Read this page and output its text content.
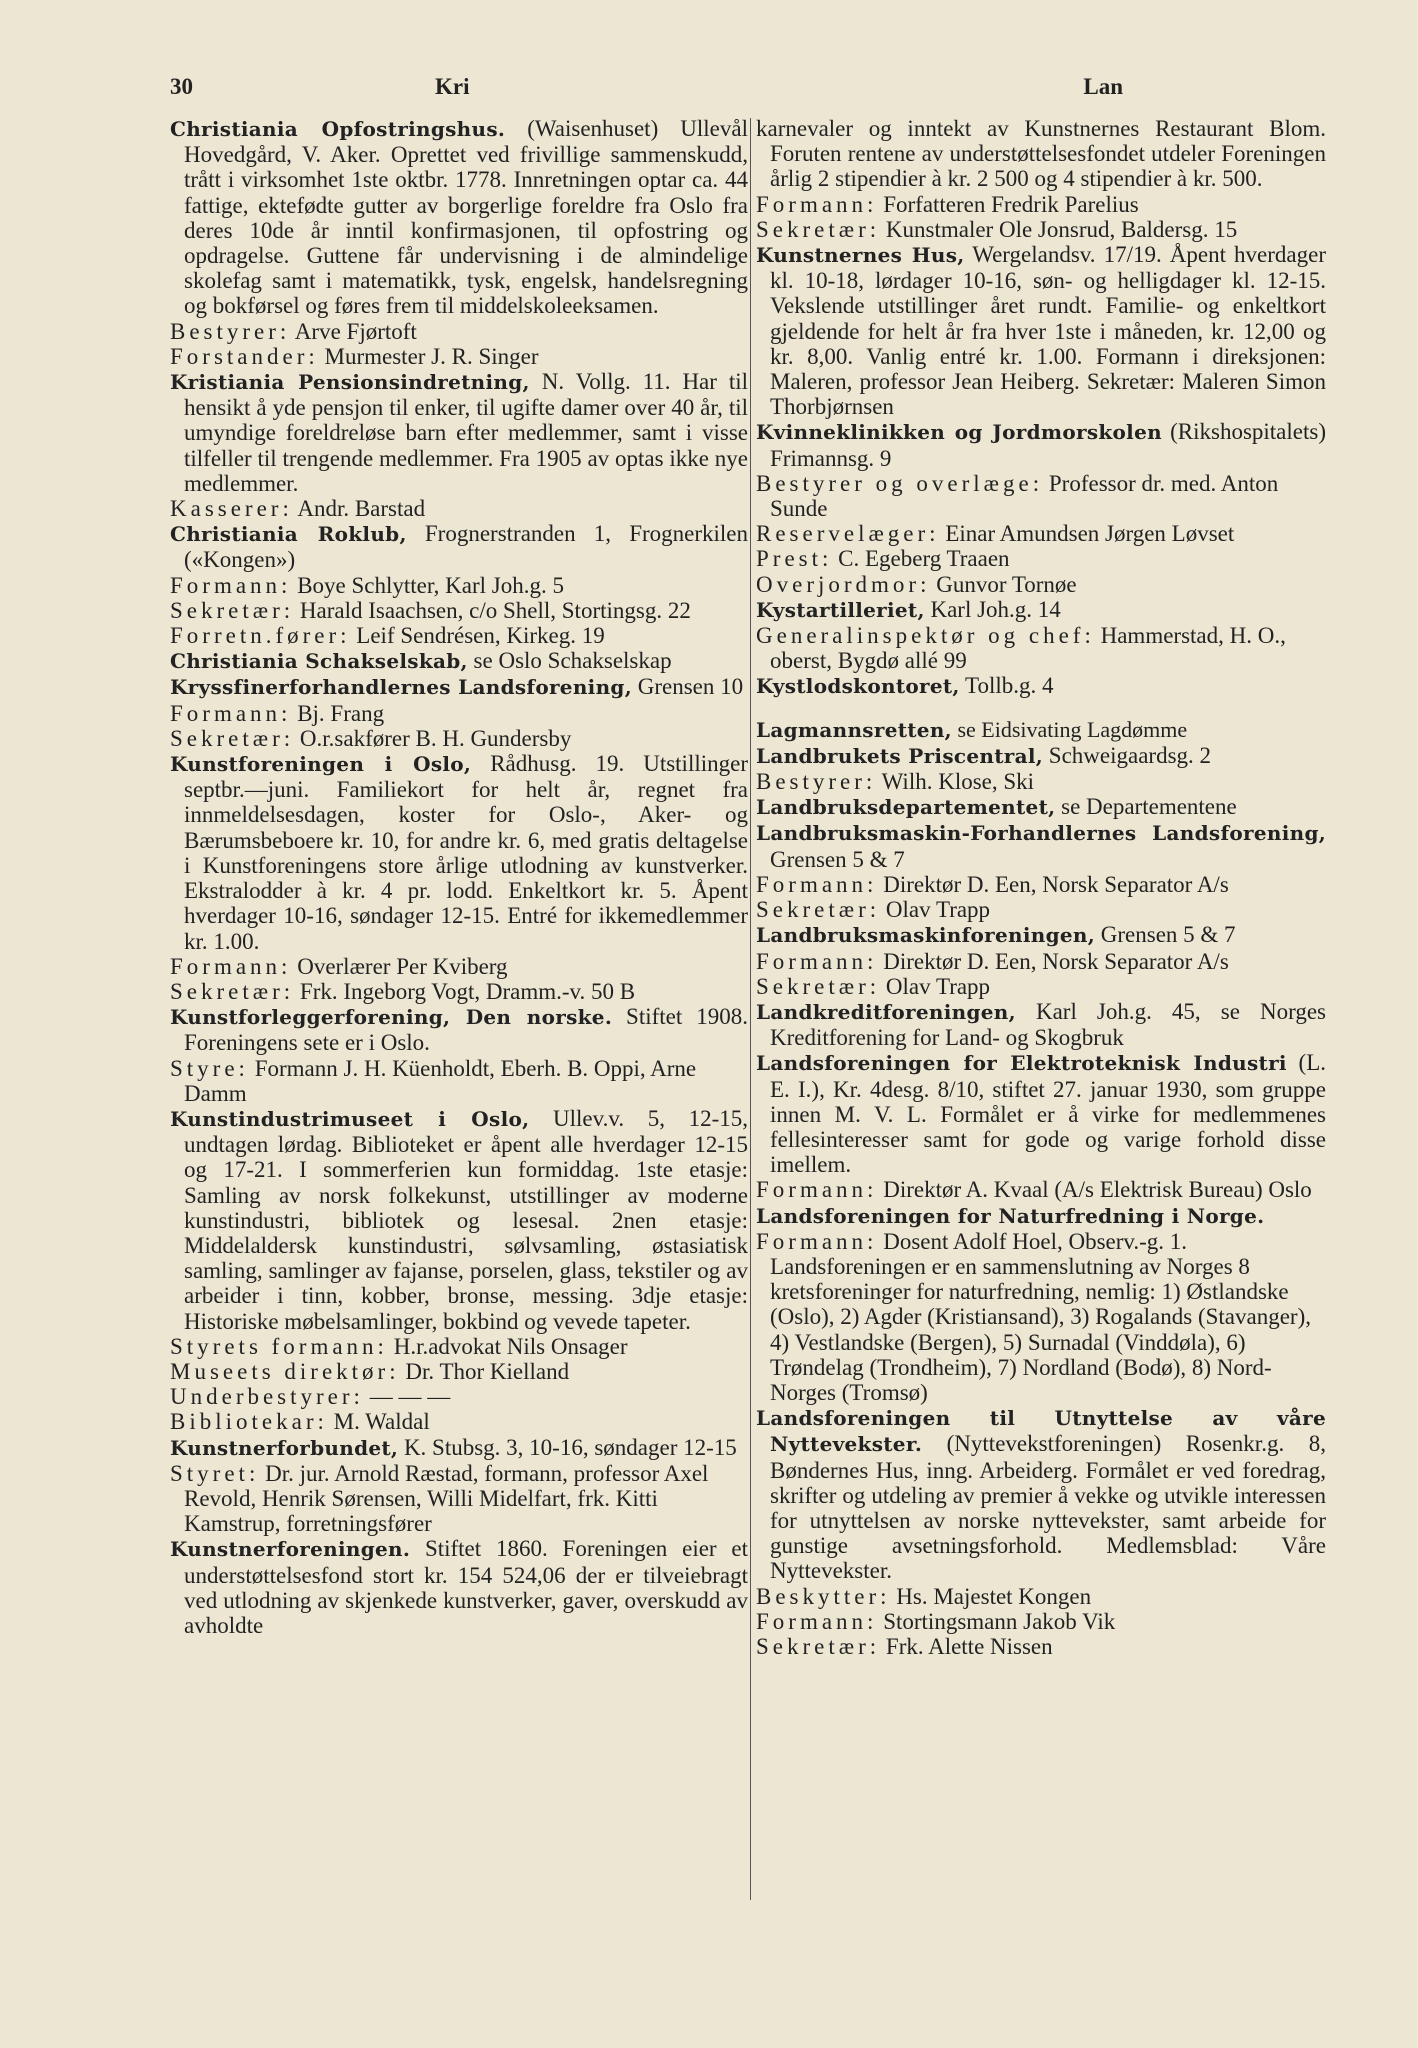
30	Kri	Lan

Christiania Opfostringshus. (Waisenhuset) Ullevål Hovedgård, V. Aker. Oprettet ved frivillige sammenskudd, trått i virksomhet 1ste oktbr. 1778. Innretningen optar ca. 44 fattige, ektefødte gutter av borgerlige foreldre fra Oslo fra deres 10de år inntil konfirmasjonen, til opfostring og opdragelse. Guttene får undervisning i de almindelige skolefag samt i matematikk, tysk, engelsk, handelsregning og bokførsel og føres frem til middelskoleeksamen.

Bestyrer: Arve Fjørtoft

Forstander: Murmester J. R. Singer

Kristiania Pensionsindretning, N. Vollg. 11. Har til hensikt å yde pensjon til enker, til ugifte damer over 40 år, til umyndige foreldreløse barn efter medlemmer, samt i visse tilfeller til trengende medlemmer. Fra 1905 av optas ikke nye medlemmer.

Kasserer: Andr. Barstad

Christiania Roklub, Frognerstranden 1, Frognerkilen («Kongen»)

Formann: Boye Schlytter, Karl Joh.g. 5

Sekretær: Harald Isaachsen, c/o Shell, Stortingsg. 22

Forretn.fører: Leif Sendrésen, Kirkeg. 19

Christiania Schakselskab, se Oslo Schakselskap

Kryssfinerforhandlernes Landsforening, Grensen 10

Formann: Bj. Frang

Sekretær: O.r.sakfører B. H. Gundersby

Kunstforeningen i Oslo, Rådhusg. 19. Utstillinger septbr.—juni. Familiekort for helt år, regnet fra innmeldelsesdagen, koster for Oslo-, Aker- og Bærumsbeboere kr. 10, for andre kr. 6, med gratis deltagelse i Kunstforeningens store årlige utlodning av kunstverker. Ekstralodder à kr. 4 pr. lodd. Enkeltkort kr. 5. Åpent hverdager 10-16, søndager 12-15. Entré for ikkemedlemmer kr. 1.00.

Formann: Overlærer Per Kviberg

Sekretær: Frk. Ingeborg Vogt, Dramm.-v. 50 B

Kunstforleggerforening, Den norske. Stiftet 1908. Foreningens sete er i Oslo.

Styre: Formann J. H. Küenholdt, Eberh. B. Oppi, Arne Damm

Kunstindustrimuseet i Oslo, Ullev.v. 5, 12-15, undtagen lørdag. Biblioteket er åpent alle hverdager 12-15 og 17-21. I sommerferien kun formiddag. 1ste etasje: Samling av norsk folkekunst, utstillinger av moderne kunstindustri, bibliotek og lesesal. 2nen etasje: Middelaldersk kunstindustri, sølvsamling, østasiatisk samling, samlinger av fajanse, porselen, glass, tekstiler og av arbeider i tinn, kobber, bronse, messing. 3dje etasje: Historiske møbelsamlinger, bokbind og vevede tapeter.

Styrets formann: H.r.advokat Nils Onsager

Museets direktør: Dr. Thor Kielland

Underbestyrer: — — —

Bibliotekar: M. Waldal

Kunstnerforbundet, K. Stubsg. 3, 10-16, søndager 12-15

Styret: Dr. jur. Arnold Ræstad, formann, professor Axel Revold, Henrik Sørensen, Willi Midelfart, frk. Kitti Kamstrup, forretningsfører

Kunstnerforeningen. Stiftet 1860. Foreningen eier et understøttelsesfond stort kr. 154 524,06 der er tilveiebragt ved utlodning av skjenkede kunstverker, gaver, overskudd av avholdte

karnevaler og inntekt av Kunstnernes Restaurant Blom. Foruten rentene av understøttelsesfondet utdeler Foreningen årlig 2 stipendier à kr. 2 500 og 4 stipendier à kr. 500.

Formann: Forfatteren Fredrik Parelius

Sekretær: Kunstmaler Ole Jonsrud, Baldersg. 15

Kunstnernes Hus, Wergelandsv. 17/19. Åpent hverdager kl. 10-18, lørdager 10-16, søn- og helligdager kl. 12-15. Vekslende utstillinger året rundt. Familie- og enkeltkort gjeldende for helt år fra hver 1ste i måneden, kr. 12,00 og kr. 8,00. Vanlig entré kr. 1.00. Formann i direksjonen: Maleren, professor Jean Heiberg. Sekretær: Maleren Simon Thorbjørnsen

Kvinneklinikken og Jordmorskolen (Rikshospitalets) Frimannsg. 9

Bestyrer og overlæge: Professor dr. med. Anton Sunde

Reservelæger: Einar Amundsen Jørgen Løvset

Prest: C. Egeberg Traaen

Overjordmor: Gunvor Tornøe

Kystartilleriet, Karl Joh.g. 14

Generalinspektør og chef: Hammerstad, H. O., oberst, Bygdø allé 99

Kystlodskontoret, Tollb.g. 4

Lagmannsretten, se Eidsivating Lagdømme

Landbrukets Priscentral, Schweigaardsg. 2

Bestyrer: Wilh. Klose, Ski

Landbruksdepartementet, se Departementene

Landbruksmaskin-Forhandlernes Landsforening, Grensen 5 & 7

Formann: Direktør D. Een, Norsk Separator A/s

Sekretær: Olav Trapp

Landbruksmaskinforeningen, Grensen 5 & 7

Formann: Direktør D. Een, Norsk Separator A/s

Sekretær: Olav Trapp

Landkreditforeningen, Karl Joh.g. 45, se Norges Kreditforening for Land- og Skogbruk

Landsforeningen for Elektroteknisk Industri (L. E. I.), Kr. 4desg. 8/10, stiftet 27. januar 1930, som gruppe innen M. V. L. Formålet er å virke for medlemmenes fellesinteresser samt for gode og varige forhold disse imellem.

Formann: Direktør A. Kvaal (A/s Elektrisk Bureau) Oslo

Landsforeningen for Naturfredning i Norge.

Formann: Dosent Adolf Hoel, Observ.-g. 1. Landsforeningen er en sammenslutning av Norges 8 kretsforeninger for naturfredning, nemlig: 1) Østlandske (Oslo), 2) Agder (Kristiansand), 3) Rogalands (Stavanger), 4) Vestlandske (Bergen), 5) Surnadal (Vinddøla), 6) Trøndelag (Trondheim), 7) Nordland (Bodø), 8) Nord-Norges (Tromsø)

Landsforeningen til Utnyttelse av våre Nyttevekster. (Nyttevekstforeningen) Rosenkr.g. 8, Bøndernes Hus, inng. Arbeiderg. Formålet er ved foredrag, skrifter og utdeling av premier å vekke og utvikle interessen for utnyttelsen av norske nyttevekster, samt arbeide for gunstige avsetningsforhold. Medlemsblad: Våre Nyttevekster.

Beskytter: Hs. Majestet Kongen

Formann: Stortingsmann Jakob Vik

Sekretær: Frk. Alette Nissen
